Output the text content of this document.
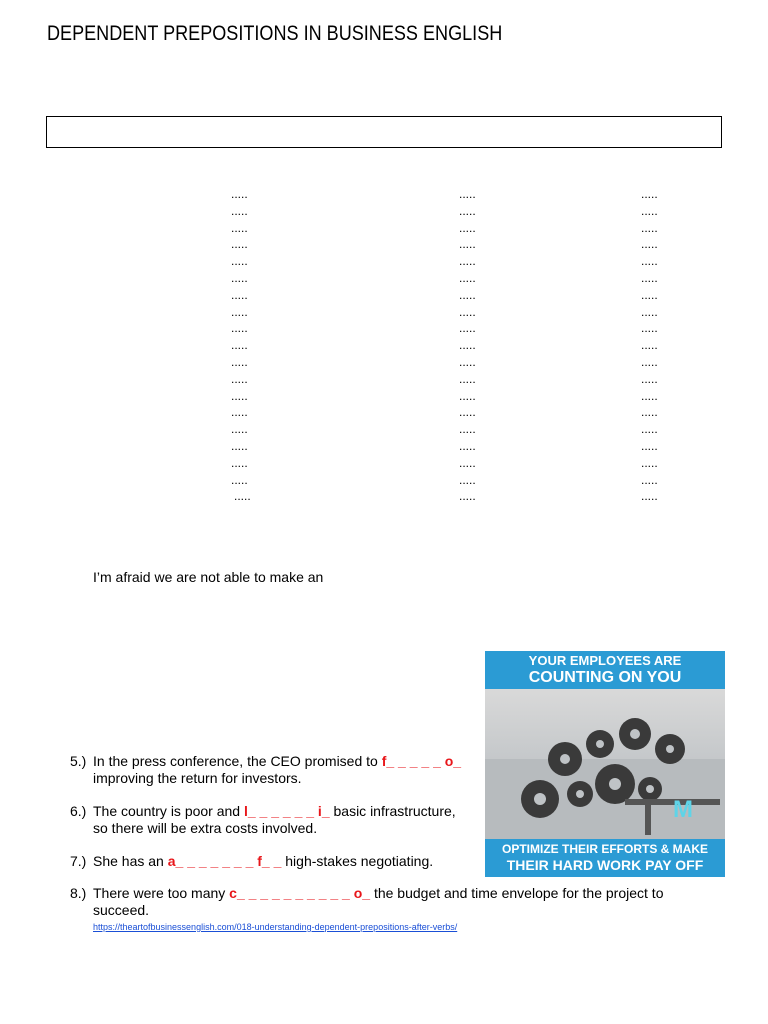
DEPENDENT PREPOSITIONS IN BUSINESS ENGLISH
.....
.....
.....
.....
.....
.....
.....
.....
.....
.....
.....
.....
.....
.....
.....
.....
.....
.....
.....
.....
.....
.....
.....
.....
.....
.....
.....
.....
.....
.....
.....
.....
.....
.....
.....
.....
.....
.....
.....
.....
.....
.....
.....
.....
.....
.....
.....
.....
.....
.....
.....
.....
.....
.....
.....
.....
.....
I’m afraid we are not able to make an
YOUR EMPLOYEES ARE
COUNTING ON YOU
M
OPTIMIZE THEIR EFFORTS & MAKE
THEIR HARD WORK PAY OFF
5.) In the press conference, the CEO promised to f_ _ _ _ _ o_ improving the return for investors.
6.) The country is poor and l_ _ _ _ _ _ i_ basic infrastructure, so there will be extra costs involved.
7.) She has an a_ _ _ _ _ _ _ f_ _ high-stakes negotiating.
8.) There were too many c_ _ _ _ _ _ _ _ _ _ o_ the budget and time envelope for the project to succeed.
https://theartofbusinessenglish.com/018-understanding-dependent-prepositions-after-verbs/
